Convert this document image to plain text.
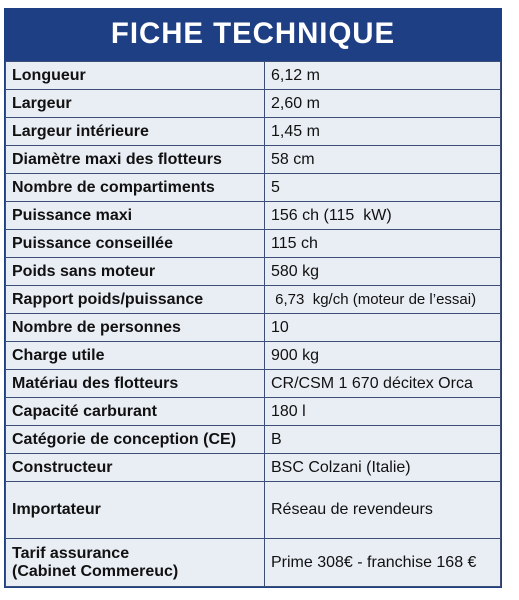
FICHE TECHNIQUE
Longueur	6,12 m
Largeur	2,60 m
Largeur intérieure	1,45 m
Diamètre maxi des flotteurs	58 cm
Nombre de compartiments	5
Puissance maxi	156 ch (115  kW)
Puissance conseillée	115 ch
Poids sans moteur	580 kg
Rapport poids/puissance	6,73  kg/ch (moteur de l’essai)
Nombre de personnes	10
Charge utile	900 kg
Matériau des flotteurs	CR/CSM 1 670 décitex Orca
Capacité carburant	180 l
Catégorie de conception (CE)	B
Constructeur	BSC Colzani (Italie)
Importateur	Réseau de revendeurs

Tarif assurance
(Cabinet Commereuc)	Prime 308€ - franchise 168 €
